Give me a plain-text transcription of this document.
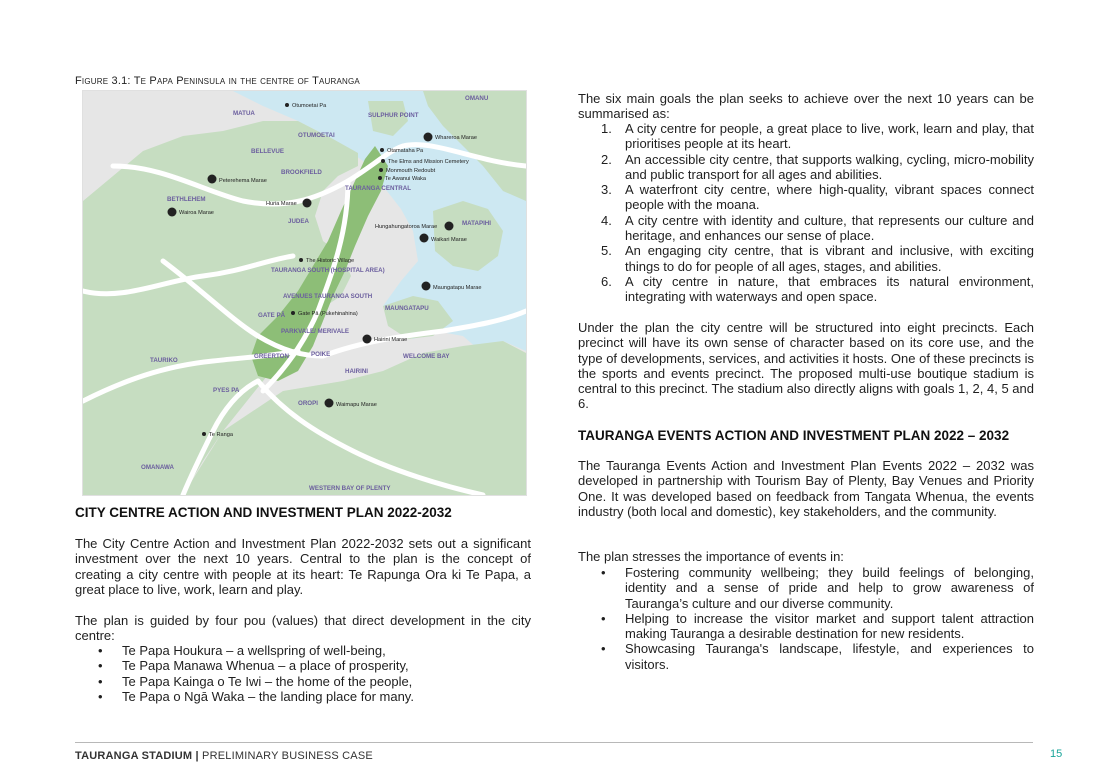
Figure 3.1: Te Papa Peninsula in the centre of Tauranga
MATUA
OTUMOETAI
SULPHUR POINT
OMANU
BELLEVUE
BROOKFIELD
TAURANGA CENTRAL
BETHLEHEM
JUDEA	MATAPIHI
TAURANGA SOUTH (HOSPITAL AREA)
AVENUES TAURANGA SOUTH
GATE PĀ
PARKVALE/ MERIVALE
MAUNGATAPU
POIKE
GREERTON	WELCOME BAY
TAURIKO
HAIRINI
PYES PA
OROPI
OMANAWA
WESTERN BAY OF PLENTY
Otumoetai Pa
Whareroa Marae
Otamataha Pa
The Elms and Mission Cemetery
Monmouth Redoubt
Te Awanui Waka
Peterehema Marae
Huria Marae
Wairoa Marae
Hungahungatoroa Marae
Waikari Marae
The Historic Village
Maungatapu Marae
Gate Pā (Pukehinahina)
Hairini Marae
Waimapu Marae
Te Ranga
CITY CENTRE ACTION AND INVESTMENT PLAN 2022-2032
The City Centre Action and Investment Plan 2022-2032 sets out a significant investment over the next 10 years. Central to the plan is the concept of creating a city centre with people at its heart: Te Rapunga Ora ki Te Papa, a great place to live, work, learn and play.
The plan is guided by four pou (values) that direct development in the city centre:
• Te Papa Houkura – a wellspring of well-being,
• Te Papa Manawa Whenua – a place of prosperity,
• Te Papa Kainga o Te Iwi – the home of the people,
• Te Papa o Ngā Waka – the landing place for many.
The six main goals the plan seeks to achieve over the next 10 years can be summarised as:
1. A city centre for people, a great place to live, work, learn and play, that prioritises people at its heart.
2. An accessible city centre, that supports walking, cycling, micro-mobility and public transport for all ages and abilities.
3. A waterfront city centre, where high-quality, vibrant spaces connect people with the moana.
4. A city centre with identity and culture, that represents our culture and heritage, and enhances our sense of place.
5. An engaging city centre, that is vibrant and inclusive, with exciting things to do for people of all ages, stages, and abilities.
6. A city centre in nature, that embraces its natural environment, integrating with waterways and open space.
Under the plan the city centre will be structured into eight precincts. Each precinct will have its own sense of character based on its core use, and the type of developments, services, and activities it hosts. One of these precincts is the sports and events precinct. The proposed multi-use boutique stadium is central to this precinct. The stadium also directly aligns with goals 1, 2, 4, 5 and 6.
TAURANGA EVENTS ACTION AND INVESTMENT PLAN 2022 – 2032
The Tauranga Events Action and Investment Plan Events 2022 – 2032 was developed in partnership with Tourism Bay of Plenty, Bay Venues and Priority One. It was developed based on feedback from Tangata Whenua, the events industry (both local and domestic), key stakeholders, and the community.
The plan stresses the importance of events in:
• Fostering community wellbeing; they build feelings of belonging, identity and a sense of pride and help to grow awareness of Tauranga’s culture and our diverse community.
• Helping to increase the visitor market and support talent attraction making Tauranga a desirable destination for new residents.
• Showcasing Tauranga's landscape, lifestyle, and experiences to visitors.
TAURANGA STADIUM | PRELIMINARY BUSINESS CASE	15
